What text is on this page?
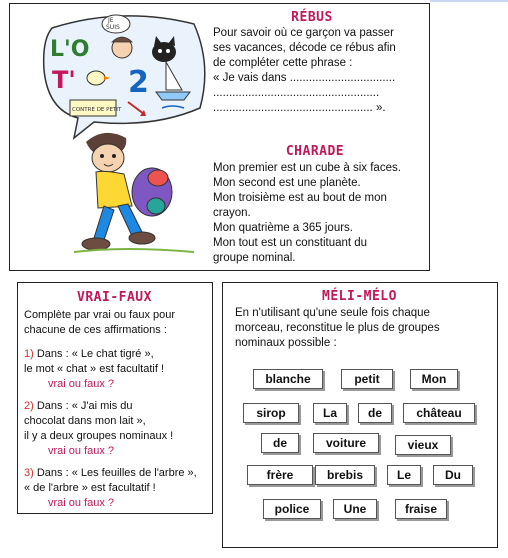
L'O
JE
SUIS
T' 2
CONTRE DE PETIT
RÉBUS
Pour savoir où ce garçon va passer
ses vacances, décode ce rébus afin
de compléter cette phrase :
« Je vais dans .................................
....................................................
.................................................. ».
CHARADE
Mon premier est un cube à six faces.
Mon second est une planète.
Mon troisième est au bout de mon
crayon.
Mon quatrième a 365 jours.
Mon tout est un constituant du
groupe nominal.
VRAI-FAUX
Complète par vrai ou faux pour
chacune de ces affirmations :
1) Dans : « Le chat tigré »,
le mot « chat » est facultatif !
vrai ou faux ?
2) Dans : « J'ai mis du
chocolat dans mon lait »,
il y a deux groupes nominaux !
vrai ou faux ?
3) Dans : « Les feuilles de l'arbre »,
« de l'arbre » est facultatif !
vrai ou faux ?
MÉLI-MÉLO
En n'utilisant qu'une seule fois chaque
morceau, reconstitue le plus de groupes
nominaux possible :
blanche	petit	Mon
sirop	La	de	château
de	voiture	vieux
frère	brebis	Le	Du
police	Une	fraise
